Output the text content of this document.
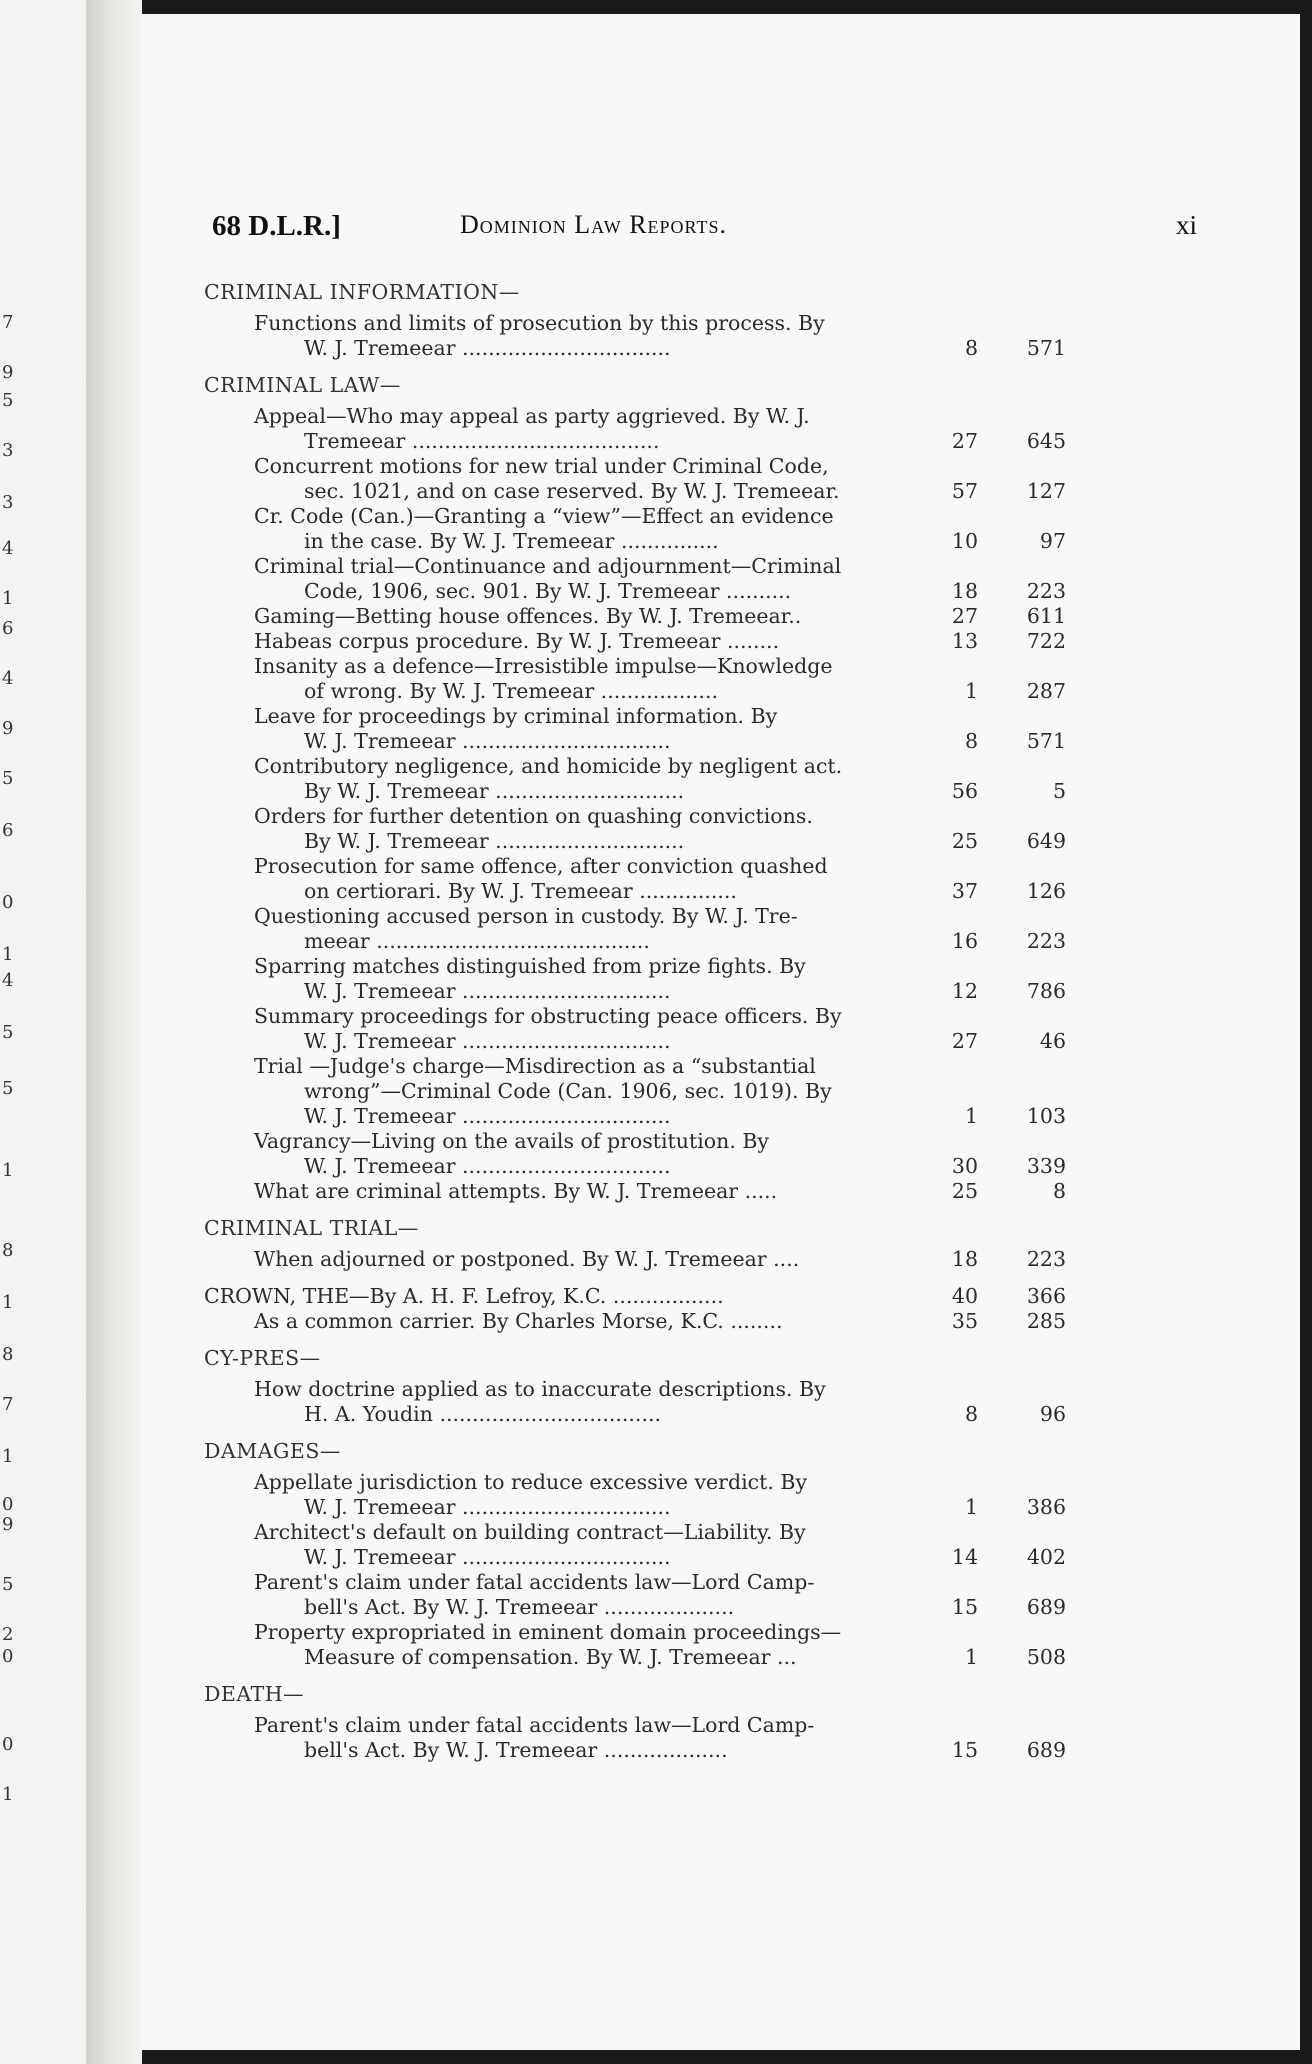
7
9
5
3
3
4
1
6
4
9
5
6
0
1
4
5
5
1
8
1
8
7
1
0
9
5
2
0
0
1
68 D.L.R.]	Dominion Law Reports.	xi
CRIMINAL INFORMATION—
Functions and limits of prosecution by this process. By
W. J. Tremeear ................................	8	571
CRIMINAL LAW—
Appeal—Who may appeal as party aggrieved. By W. J.
Tremeear ......................................	27	645
Concurrent motions for new trial under Criminal Code,
sec. 1021, and on case reserved. By W. J. Tremeear.	57	127
Cr. Code (Can.)—Granting a “view”—Effect an evidence
in the case. By W. J. Tremeear ...............	10	97
Criminal trial—Continuance and adjournment—Criminal
Code, 1906, sec. 901. By W. J. Tremeear ..........	18	223
Gaming—Betting house offences. By W. J. Tremeear..	27	611
Habeas corpus procedure. By W. J. Tremeear ........	13	722
Insanity as a defence—Irresistible impulse—Knowledge
of wrong. By W. J. Tremeear ..................	1	287
Leave for proceedings by criminal information. By
W. J. Tremeear ................................	8	571
Contributory negligence, and homicide by negligent act.
By W. J. Tremeear .............................	56	5
Orders for further detention on quashing convictions.
By W. J. Tremeear .............................	25	649
Prosecution for same offence, after conviction quashed
on certiorari. By W. J. Tremeear ...............	37	126
Questioning accused person in custody. By W. J. Tre-
meear ..........................................	16	223
Sparring matches distinguished from prize fights. By
W. J. Tremeear ................................	12	786
Summary proceedings for obstructing peace officers. By
W. J. Tremeear ................................	27	46
Trial —Judge's charge—Misdirection as a “substantial
wrong”—Criminal Code (Can. 1906, sec. 1019). By
W. J. Tremeear ................................	1	103
Vagrancy—Living on the avails of prostitution. By
W. J. Tremeear ................................	30	339
What are criminal attempts. By W. J. Tremeear .....	25	8
CRIMINAL TRIAL—
When adjourned or postponed. By W. J. Tremeear ....	18	223
CROWN, THE—By A. H. F. Lefroy, K.C. .................	40	366
As a common carrier. By Charles Morse, K.C. ........	35	285
CY-PRES—
How doctrine applied as to inaccurate descriptions. By
H. A. Youdin ..................................	8	96
DAMAGES—
Appellate jurisdiction to reduce excessive verdict. By
W. J. Tremeear ................................	1	386
Architect's default on building contract—Liability. By
W. J. Tremeear ................................	14	402
Parent's claim under fatal accidents law—Lord Camp-
bell's Act. By W. J. Tremeear ....................	15	689
Property expropriated in eminent domain proceedings—
Measure of compensation. By W. J. Tremeear ...	1	508
DEATH—
Parent's claim under fatal accidents law—Lord Camp-
bell's Act. By W. J. Tremeear ...................	15	689
